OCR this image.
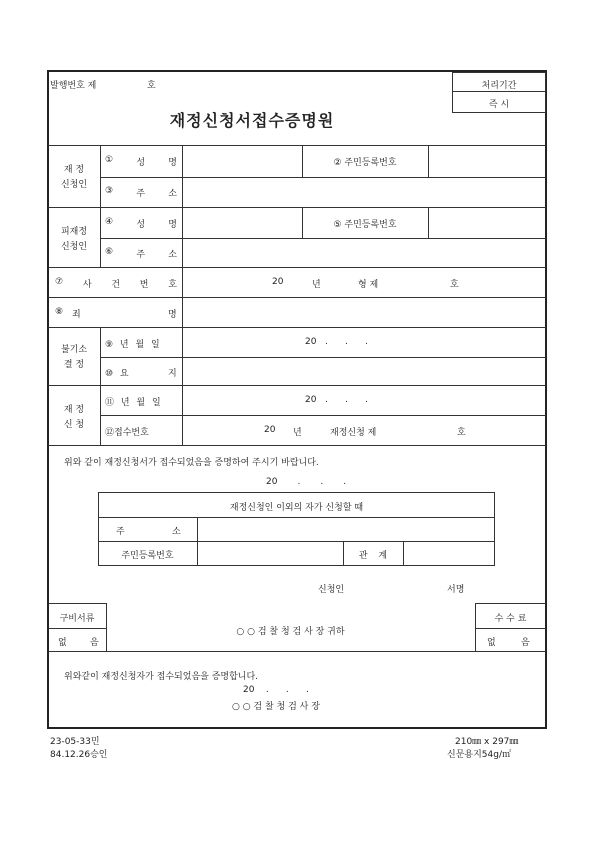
발행번호 제	호	처리기간
즉 시
재정신청서접수증명원
재 정
신청인
①	성	명	② 주민등록번호
③	주	소
피재정
신청인
④	성	명	⑤ 주민등록번호
⑥	주	소
⑦ 사 건 번 호	20	년	형 제	호
⑧ 죄	명
불기소
결 정
⑨ 년 월 일	20   .      .      .
⑩ 요	지
재 정
신 청
⑪ 년 월 일	20   .      .      .
⑫접수번호	20 년	재정신청 제	호
위와 같이 재정신청서가 접수되었음을 증명하여 주시기 바랍니다.
20       .       .       .
재정신청인 이외의 자가 신청할 때
주	소
주민등록번호	관 계
신청인	서명
구비서류
없	음
○ ○ 검 찰 청 검 사 장 귀하
수 수 료
없	음
위와같이 재정신청자가 접수되었음을 증명합니다.
20    .      .      .
○ ○ 검 찰 청 검 사 장
23-05-33민
84.12.26승인
210㎜ x 297㎜
신문용지54g/㎡
